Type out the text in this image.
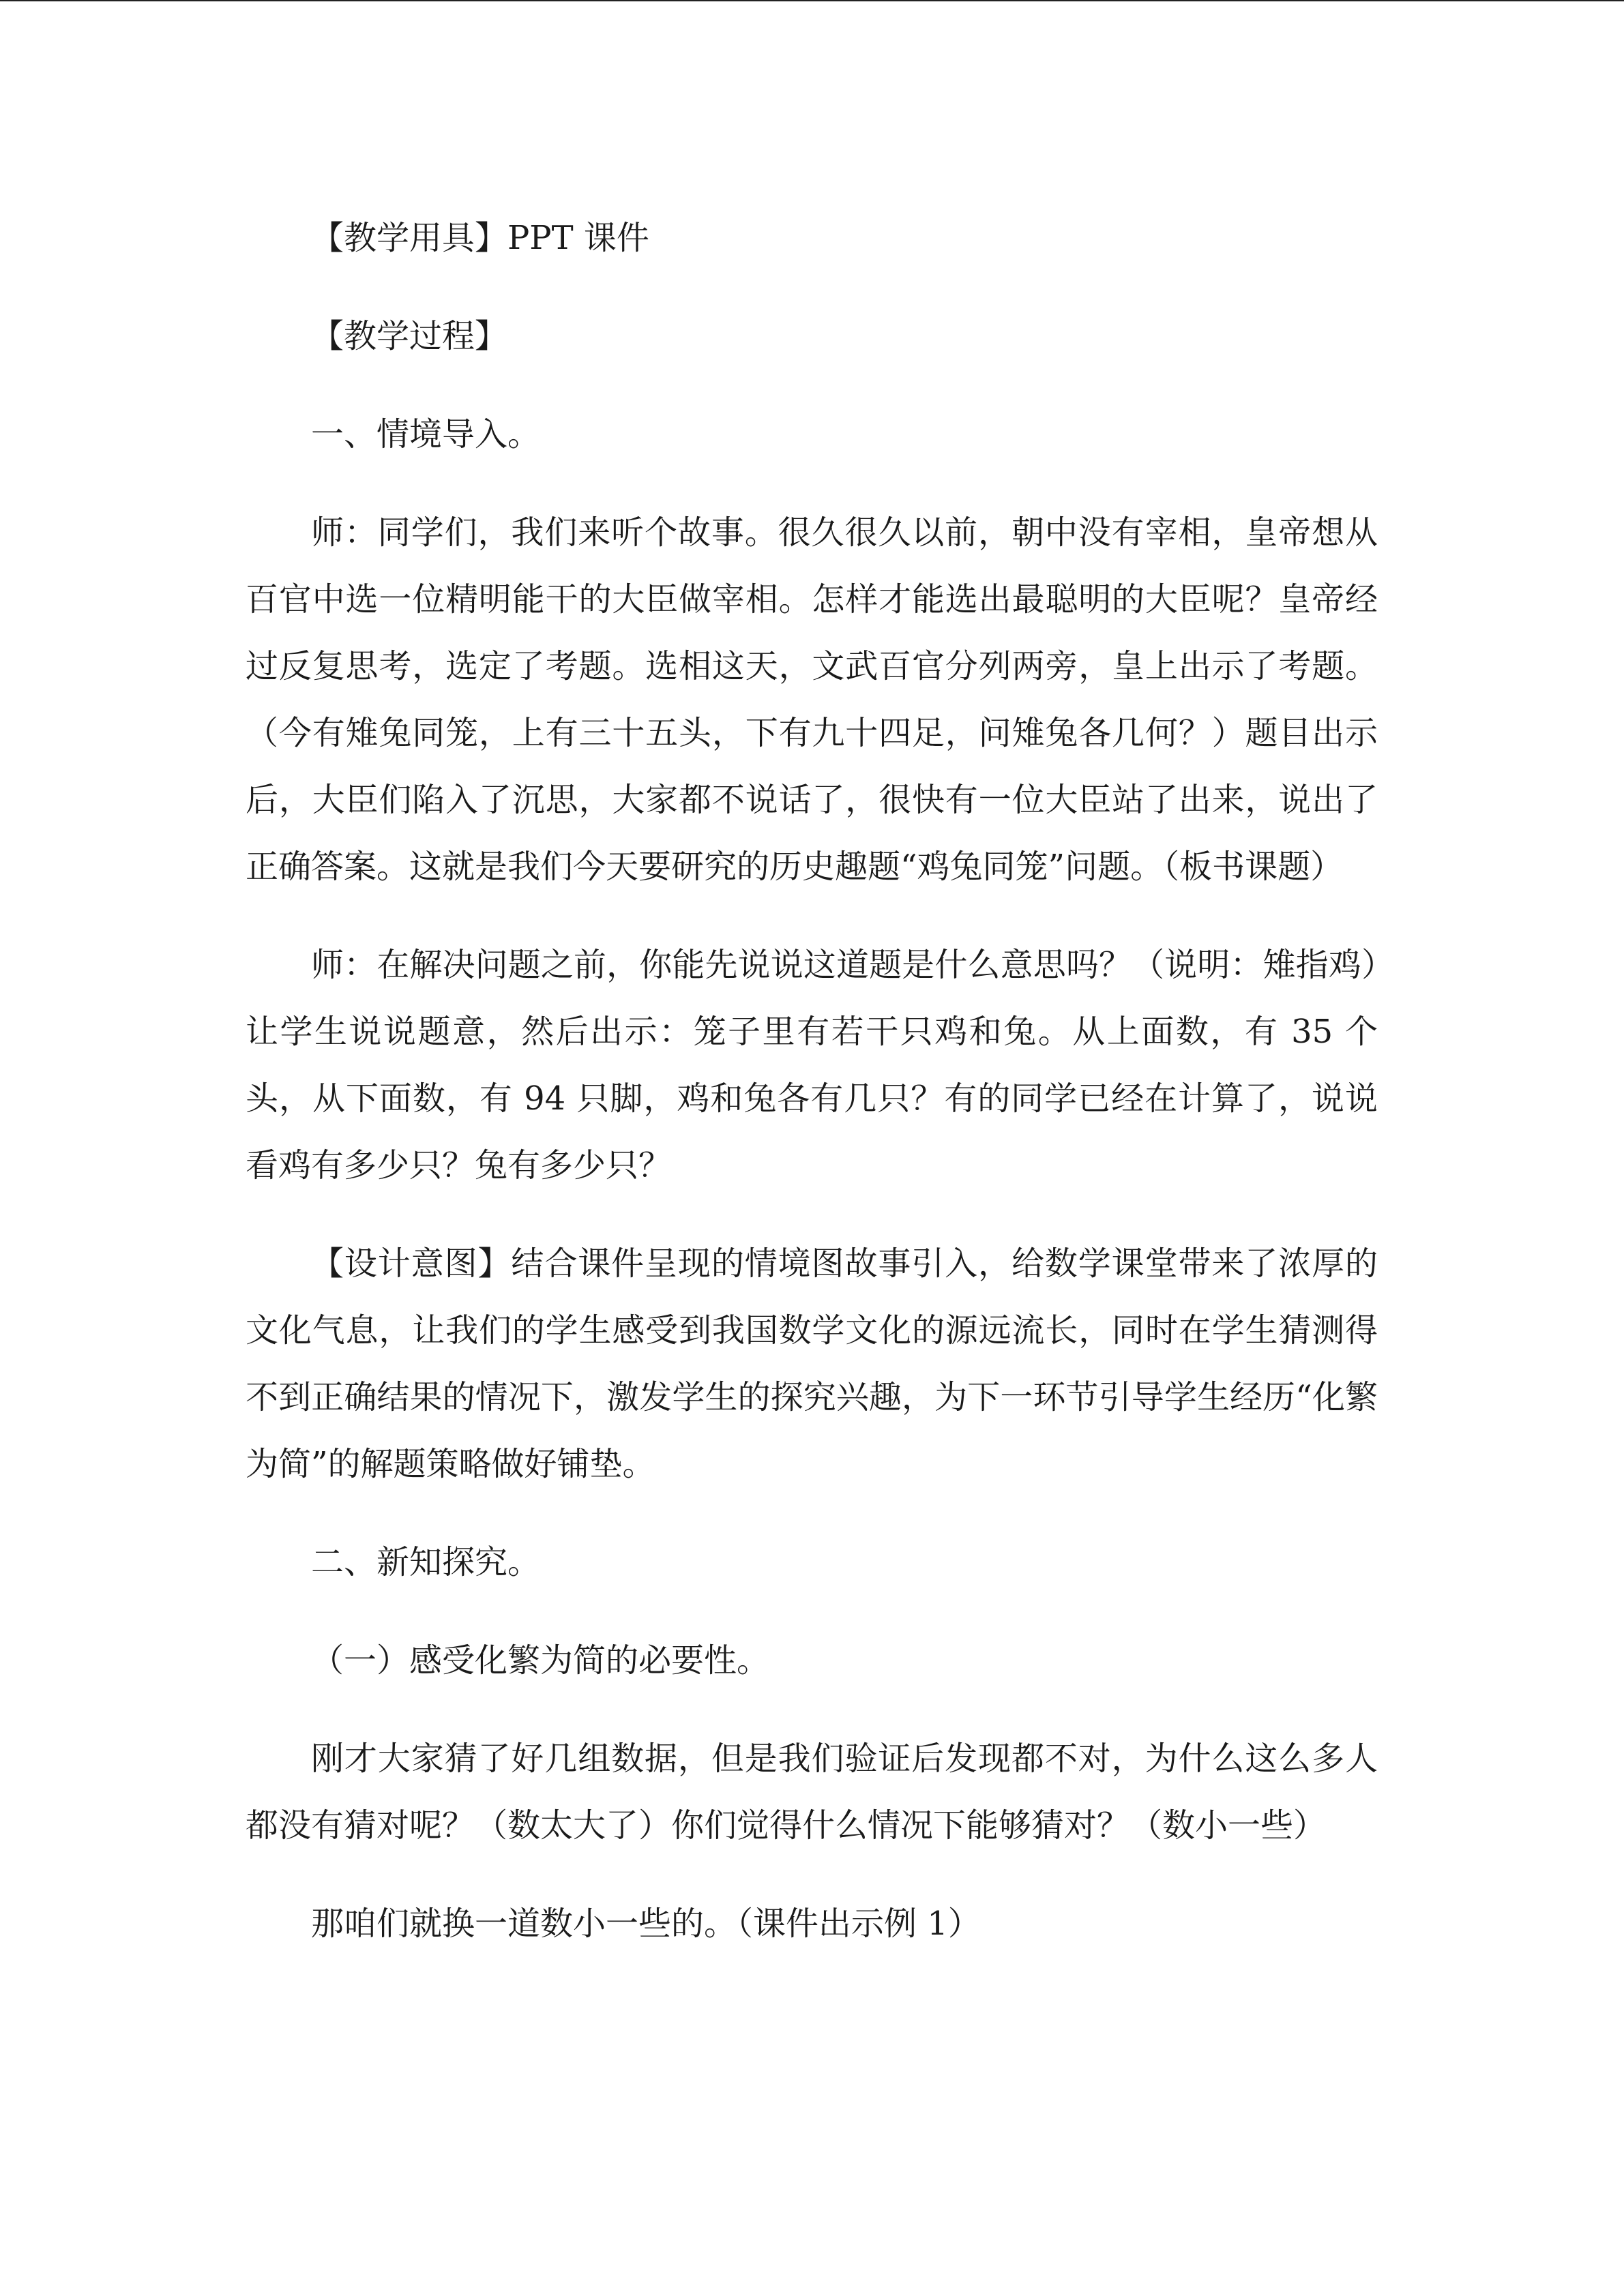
【教学用具】PPT 课件

【教学过程】

一、情境导入。

师：同学们，我们来听个故事。很久很久以前，朝中没有宰相，皇帝想从百官中选一位精明能干的大臣做宰相。怎样才能选出最聪明的大臣呢？皇帝经过反复思考，选定了考题。选相这天，文武百官分列两旁，皇上出示了考题。（今有雉兔同笼，上有三十五头，下有九十四足，问雉兔各几何？）题目出示后，大臣们陷入了沉思，大家都不说话了，很快有一位大臣站了出来，说出了正确答案。这就是我们今天要研究的历史趣题“鸡兔同笼”问题。（板书课题）

师：在解决问题之前，你能先说说这道题是什么意思吗？（说明：雉指鸡）让学生说说题意，然后出示：笼子里有若干只鸡和兔。从上面数，有 35 个头，从下面数，有 94 只脚，鸡和兔各有几只？有的同学已经在计算了，说说看鸡有多少只？兔有多少只？

【设计意图】结合课件呈现的情境图故事引入，给数学课堂带来了浓厚的文化气息，让我们的学生感受到我国数学文化的源远流长，同时在学生猜测得不到正确结果的情况下，激发学生的探究兴趣，为下一环节引导学生经历“化繁为简”的解题策略做好铺垫。

二、新知探究。

（一）感受化繁为简的必要性。

刚才大家猜了好几组数据，但是我们验证后发现都不对，为什么这么多人都没有猜对呢？（数太大了）你们觉得什么情况下能够猜对？（数小一些）

那咱们就换一道数小一些的。（课件出示例 1）
